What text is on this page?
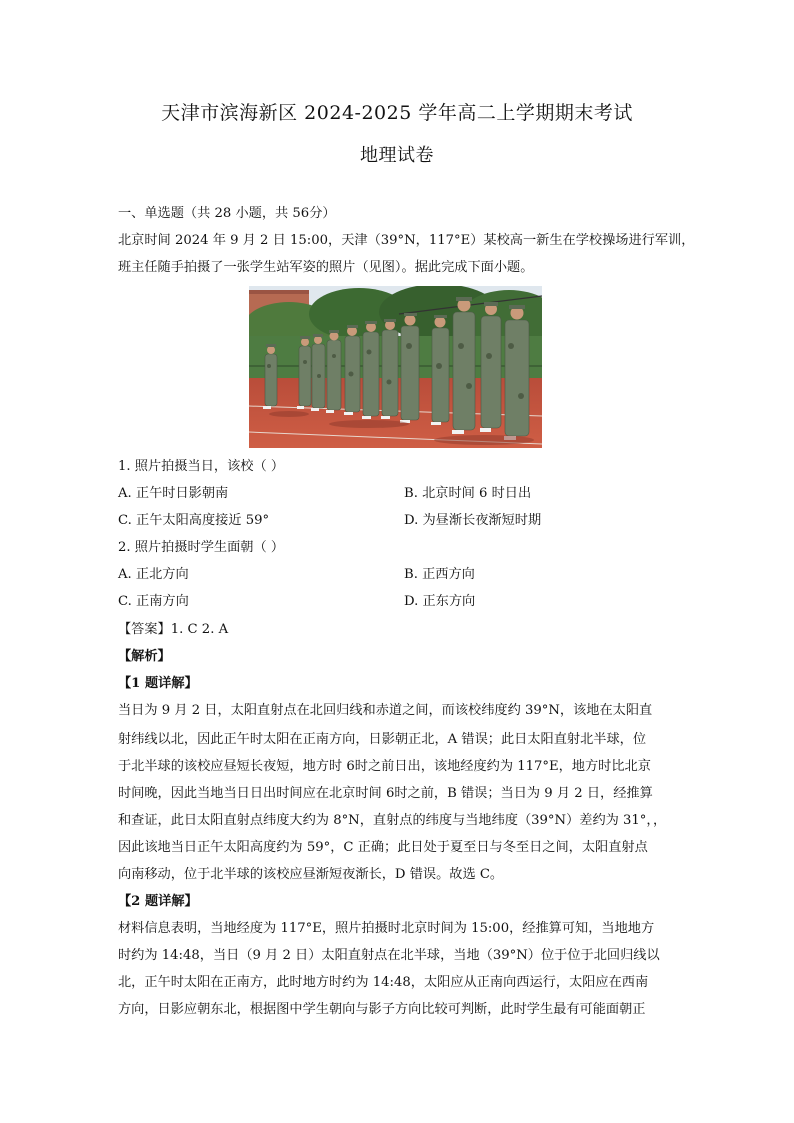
天津市滨海新区 2024-2025 学年高二上学期期末考试
地理试卷
一、单选题（共 28 小题，共 56分）
北京时间 2024 年 9 月 2 日 15:00，天津（39°N，117°E）某校高一新生在学校操场进行军训，
班主任随手拍摄了一张学生站军姿的照片（见图）。据此完成下面小题。
1. 照片拍摄当日，该校（ ）
A. 正午时日影朝南	B. 北京时间 6 时日出
C. 正午太阳高度接近 59°	D. 为昼渐长夜渐短时期
2. 照片拍摄时学生面朝（ ）
A. 正北方向	B. 正西方向
C. 正南方向	D. 正东方向
【答案】1. C 2. A
【解析】
【1 题详解】
当日为 9 月 2 日，太阳直射点在北回归线和赤道之间，而该校纬度约 39°N，该地在太阳直
射纬线以北，因此正午时太阳在正南方向，日影朝正北，A 错误；此日太阳直射北半球，位
于北半球的该校应昼短长夜短，地方时 6时之前日出，该地经度约为 117°E，地方时比北京
时间晚，因此当地当日日出时间应在北京时间 6时之前，B 错误；当日为 9 月 2 日，经推算
和查证，此日太阳直射点纬度大约为 8°N，直射点的纬度与当地纬度（39°N）差约为 31°，，
因此该地当日正午太阳高度约为 59°，C 正确；此日处于夏至日与冬至日之间，太阳直射点
向南移动，位于北半球的该校应昼渐短夜渐长，D 错误。故选 C。
【2 题详解】
材料信息表明，当地经度为 117°E，照片拍摄时北京时间为 15:00，经推算可知，当地地方
时约为 14:48，当日（9 月 2 日）太阳直射点在北半球，当地（39°N）位于位于北回归线以
北，正午时太阳在正南方，此时地方时约为 14:48，太阳应从正南向西运行，太阳应在西南
方向，日影应朝东北，根据图中学生朝向与影子方向比较可判断，此时学生最有可能面朝正
